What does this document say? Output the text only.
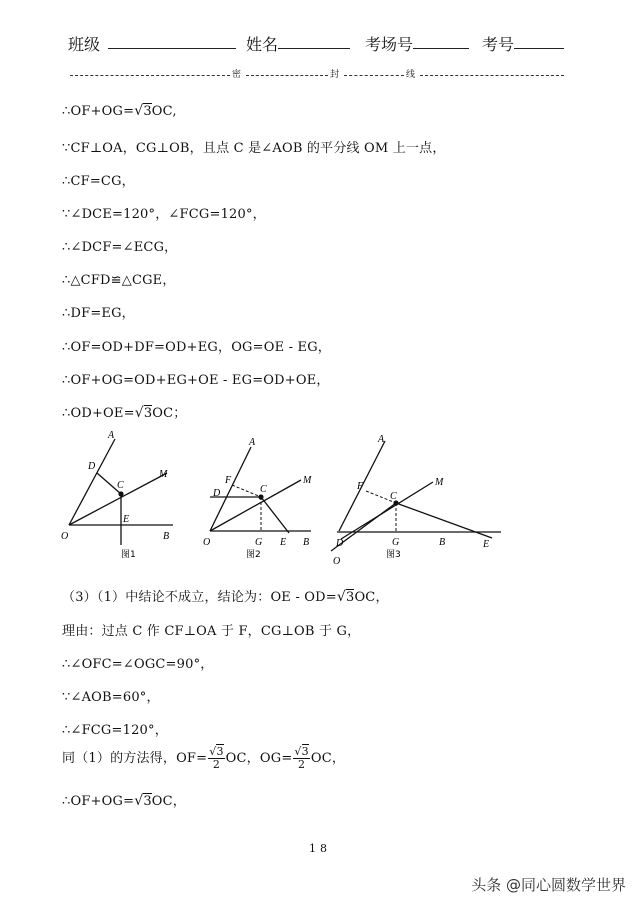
班级	姓名	考场号	考号
密	封	线
∴OF+OG=√3OC,
∵CF⊥OA，CG⊥OB，且点 C 是∠AOB 的平分线 OM 上一点，
∴CF=CG，
∵∠DCE=120°，∠FCG=120°，
∴∠DCF=∠ECG，
∴△CFD≌△CGE，
∴DF=EG，
∴OF=OD+DF=OD+EG，OG=OE - EG，
∴OF+OG=OD+EG+OE - EG=OD+OE，
∴OD+OE=√3OC；
A
D
C
M
E
O	B
图1
A
F
D	C
M
O	G E B
图2
A
F
C
M
D
O
G	B	E
图3
（3）（1）中结论不成立，结论为：OE - OD=√3OC，
理由：过点 C 作 CF⊥OA 于 F，CG⊥OB 于 G，
∴∠OFC=∠OGC=90°，
∵∠AOB=60°，
∴∠FCG=120°，
同（1）的方法得，$OF= \frac{√3}{2}$ OC，$OG= \frac{√3}{2}$ OC，
∴OF+OG=√3OC，
18
头条 @同心圆数学世界
